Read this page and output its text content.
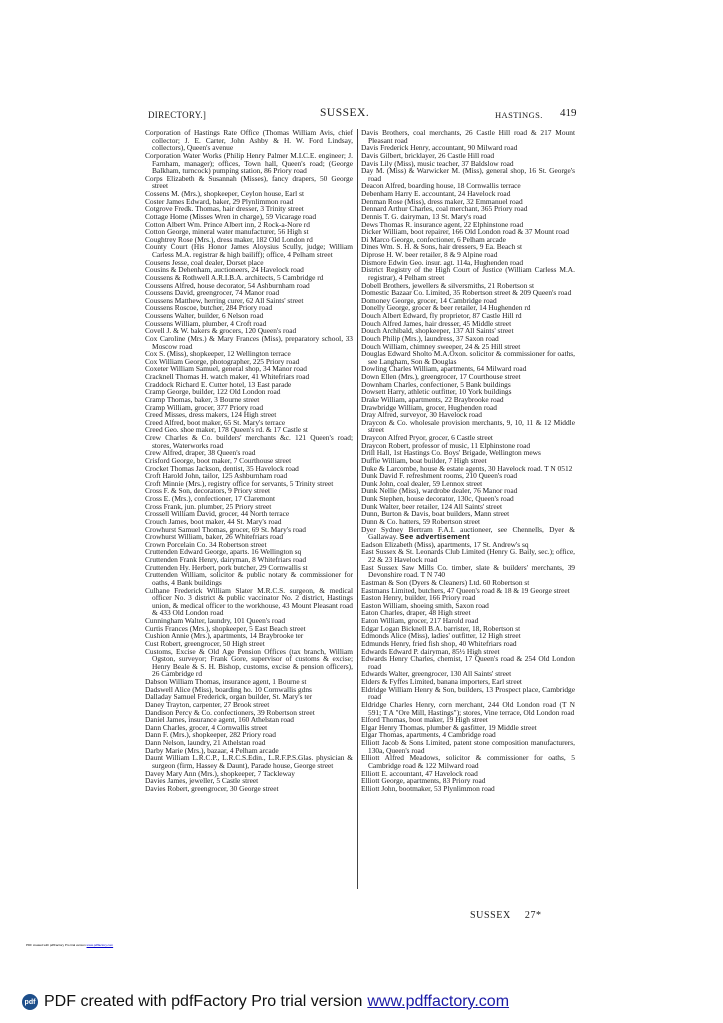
DIRECTORY.]	SUSSEX.	HASTINGS. 419
Corporation of Hastings Rate Office (Thomas William Avis, chief collector; J. E. Carter, John Ashby & H. W. Ford Lindsay, collectors), Queen's avenue
Corporation Water Works (Philip Henry Palmer M.I.C.E. engineer; J. Farnham, manager); offices, Town hall, Queen's road; (George Balkham, turncock) pumping station, 86 Priory road
Corps Elizabeth & Susannah (Misses), fancy drapers, 50 George street
Cossens M. (Mrs.), shopkeeper, Ceylon house, Earl st
Coster James Edward, baker, 29 Plynlimmon road
Cotgrove Fredk. Thomas, hair dresser, 3 Trinity street
Cottage Home (Misses Wren in charge), 59 Vicarage road
Cotton Albert Wm. Prince Albert inn, 2 Rock-a-Nore rd
Cotton George, mineral water manufacturer, 56 High st
Coughtrey Rose (Mrs.), dress maker, 182 Old London rd
County Court (His Honor James Aloysius Scully, judge; William Carless M.A. registrar & high bailiff); office, 4 Pelham street
Cousens Jesse, coal dealer, Dorset place
Cousins & Dehenham, auctioneers, 24 Havelock road
Coussens & Rothwell A.R.I.B.A. architects, 5 Cambridge rd
Coussens Alfred, house decorator, 54 Ashburnham road
Coussens David, greengrocer, 74 Manor road
Coussens Matthew, herring curer, 62 All Saints' street
Coussens Roscoe, butcher, 284 Priory road
Coussens Walter, builder, 6 Nelson road
Coussens William, plumber, 4 Croft road
Covell J. & W. bakers & grocers, 120 Queen's road
Cox Caroline (Mrs.) & Mary Frances (Miss), preparatory school, 33 Moscow road
Cox S. (Miss), shopkeeper, 12 Wellington terrace
Cox William George, photographer, 225 Priory road
Coxeter William Samuel, general shop, 34 Manor road
Cracknell Thomas H. watch maker, 41 Whitefriars road
Craddock Richard E. Cutter hotel, 13 East parade
Cramp George, builder, 122 Old London road
Cramp Thomas, baker, 3 Bourne street
Cramp William, grocer, 377 Priory road
Creed Misses, dress makers, 124 High street
Creed Alfred, boot maker, 65 St. Mary's terrace
Creed Geo. shoe maker, 178 Queen's rd. & 17 Castle st
Crew Charles & Co. builders' merchants &c. 121 Queen's road; stores, Waterworks road
Crew Alfred, draper, 38 Queen's road
Crisford George, boot maker, 7 Courthouse street
Crocket Thomas Jackson, dentist, 35 Havelock road
Croft Harold John, tailor, 125 Ashburnham road
Croft Minnie (Mrs.), registry office for servants, 5 Trinity street
Cross F. & Son, decorators, 9 Priory street
Cross E. (Mrs.), confectioner, 17 Claremont
Cross Frank, jun. plumber, 25 Priory street
Crossell William David, grocer, 44 North terrace
Crouch James, boot maker, 44 St. Mary's road
Crowhurst Samuel Thomas, grocer, 69 St. Mary's road
Crowhurst William, baker, 26 Whitefriars road
Crown Porcelain Co. 34 Robertson street
Cruttenden Edward George, aparts. 16 Wellington sq
Cruttenden Frank Henry, dairyman, 8 Whitefriars road
Cruttenden Hy. Herbert, pork butcher, 29 Cornwallis st
Cruttenden William, solicitor & public notary & commissioner for oaths, 4 Bank buildings
Culhane Frederick William Slater M.R.C.S. surgeon, & medical officer No. 3 district & public vaccinator No. 2 district, Hastings union, & medical officer to the workhouse, 43 Mount Pleasant road & 433 Old London road
Cunningham Walter, laundry, 101 Queen's road
Curtis Frances (Mrs.), shopkeeper, 5 East Beach street
Cushion Annie (Mrs.), apartments, 14 Braybrooke ter
Cust Robert, greengrocer, 50 High street
Customs, Excise & Old Age Pension Offices (tax branch, William Ogston, surveyor; Frank Gore, supervisor of customs & excise; Henry Beale & S. H. Bishop, customs, excise & pension officers), 26 Cambridge rd
Dabson William Thomas, insurance agent, 1 Bourne st
Dadswell Alice (Miss), boarding ho. 10 Cornwallis gdns
Dalladay Samuel Frederick, organ builder, St. Mary's ter
Daney Trayton, carpenter, 27 Brook street
Dandison Percy & Co. confectioners, 39 Robertson street
Daniel James, insurance agent, 160 Athelstan road
Dann Charles, grocer, 4 Cornwallis street
Dann F. (Mrs.), shopkeeper, 282 Priory road
Dann Nelson, laundry, 21 Athelstan road
Darby Marie (Mrs.), bazaar, 4 Pelham arcade
Daunt William L.R.C.P., L.R.C.S.Edin., L.R.F.P.S.Glas. physician & surgeon (firm, Hassey & Daunt), Parade house, George street
Davey Mary Ann (Mrs.), shopkeeper, 7 Tackleway
Davies James, jeweller, 5 Castle street
Davies Robert, greengrocer, 30 George street
Davis Brothers, coal merchants, 26 Castle Hill road & 217 Mount Pleasant road
Davis Frederick Henry, accountant, 90 Milward road
Davis Gilbert, bricklayer, 26 Castle Hill road
Davis Lily (Miss), music teacher, 37 Baldslow road
Day M. (Miss) & Warwicker M. (Miss), general shop, 16 St. George's road
Deacon Alfred, boarding house, 18 Cornwallis terrace
Debenham Harry E. accountant, 24 Havelock road
Denman Rose (Miss), dress maker, 32 Emmanuel road
Dennard Arthur Charles, coal merchant, 365 Priory road
Dennis T. G. dairyman, 13 St. Mary's road
Dews Thomas R. insurance agent, 22 Elphinstone road
Dicker William, boot repairer, 166 Old London road & 37 Mount road
Di Marco George, confectioner, 6 Pelham arcade
Dines Wm. S. H. & Sons, hair dressers, 9 Ea. Beach st
Diprose H. W. beer retailer, 8 & 9 Alpine road
Dismore Edwin Geo. insur. agt. 114a, Hughenden road
District Registry of the High Court of Justice (William Carless M.A. registrar), 4 Pelham street
Dobell Brothers, jewellers & silversmiths, 21 Robertson st
Domestic Bazaar Co. Limited, 35 Robertson street & 209 Queen's road
Domoney George, grocer, 14 Cambridge road
Donelly George, grocer & beer retailer, 14 Hughenden rd
Douch Albert Edward, fly proprietor, 87 Castle Hill rd
Douch Alfred James, hair dresser, 45 Middle street
Douch Archibald, shopkeeper, 137 All Saints' street
Douch Philip (Mrs.), laundress, 37 Saxon road
Douch William, chimney sweeper, 24 & 25 Hill street
Douglas Edward Sholto M.A.Oxon. solicitor & commissioner for oaths, see Langham, Son & Douglas
Dowling Charles William, apartments, 64 Milward road
Down Ellen (Mrs.), greengrocer, 17 Courthouse street
Downham Charles, confectioner, 5 Bank buildings
Dowsett Harry, athletic outfitter, 10 York buildings
Drake William, apartments, 22 Braybrooke road
Drawbridge William, grocer, Hughenden road
Dray Alfred, surveyor, 30 Havelock road
Draycon & Co. wholesale provision merchants, 9, 10, 11 & 12 Middle street
Draycon Alfred Pryor, grocer, 6 Castle street
Draycon Robert, professor of music, 11 Elphinstone road
Drill Hall, 1st Hastings Co. Boys' Brigade, Wellington mews
Duffie William, boat builder, 7 High street
Duke & Larcombe, house & estate agents, 30 Havelock road. T N 0512
Dunk David F. refreshment rooms, 210 Queen's road
Dunk John, coal dealer, 59 Lennox street
Dunk Nellie (Miss), wardrobe dealer, 76 Manor road
Dunk Stephen, house decorator, 130c, Queen's road
Dunk Walter, beer retailer, 124 All Saints' street
Dunn, Burton & Davis, boat builders, Mann street
Dunn & Co. hatters, 59 Robertson street
Dyer Sydney Bertram F.A.I. auctioneer, see Chennells, Dyer & Gallaway. See advertisement
Eadson Elizabeth (Miss), apartments, 17 St. Andrew's sq
East Sussex & St. Leonards Club Limited (Henry G. Baily, sec.); office, 22 & 23 Havelock road
East Sussex Saw Mills Co. timber, slate & builders' merchants, 39 Devonshire road. T N 740
Eastman & Son (Dyers & Cleaners) Ltd. 60 Robertson st
Eastmans Limited, butchers, 47 Queen's road & 18 & 19 George street
Easton Henry, builder, 166 Priory road
Easton William, shoeing smith, Saxon road
Eaton Charles, draper, 48 High street
Eaton William, grocer, 217 Harold road
Edgar Logan Bicknell B.A. barrister, 18, Robertson st
Edmonds Alice (Miss), ladies' outfitter, 12 High street
Edmunds Henry, fried fish shop, 40 Whitefriars road
Edwards Edward P. dairyman, 85½ High street
Edwards Henry Charles, chemist, 17 Queen's road & 254 Old London road
Edwards Walter, greengrocer, 130 All Saints' street
Elders & Fyffes Limited, banana importers, Earl street
Eldridge William Henry & Son, builders, 13 Prospect place, Cambridge road
Eldridge Charles Henry, corn merchant, 244 Old London road (T N 591; T A "Ore Mill, Hastings"); stores, Vine terrace, Old London road
Elford Thomas, boot maker, 19 High street
Elgar Henry Thomas, plumber & gasfitter, 19 Middle street
Elgar Thomas, apartments, 4 Cambridge road
Elliott Jacob & Sons Limited, patent stone composition manufacturers, 130a, Queen's road
Elliott Alfred Meadows, solicitor & commissioner for oaths, 5 Cambridge road & 122 Milward road
Elliott E. accountant, 47 Havelock road
Elliott George, apartments, 83 Priory road
Elliott John, bootmaker, 53 Plynlimmon road
SUSSEX 27*
PDF created with pdfFactory Pro trial version www.pdffactory.com
pdf PDF created with pdfFactory Pro trial version www.pdffactory.com
